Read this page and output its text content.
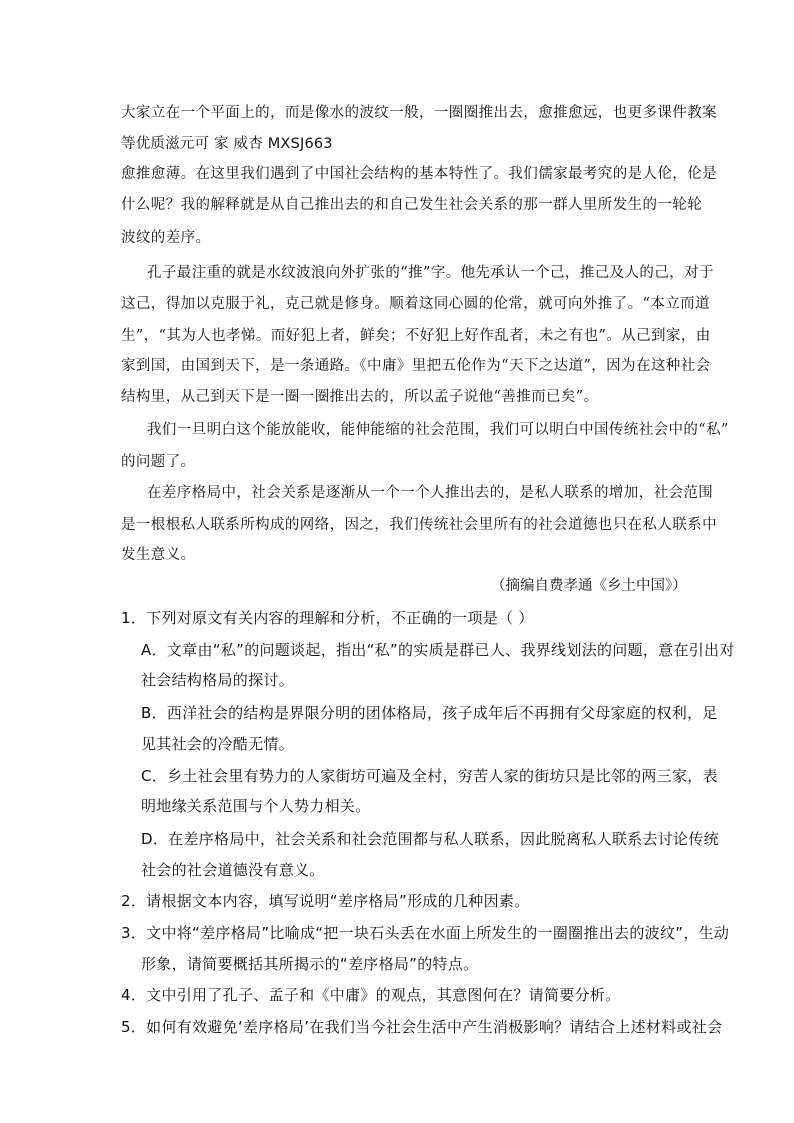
大家立在一个平面上的，而是像水的波纹一般，一圈圈推出去，愈推愈远，也更多课件教案
等优质滋元可 家 威杏 MXSJ663
愈推愈薄。在这里我们遇到了中国社会结构的基本特性了。我们儒家最考究的是人伦，伦是
什么呢？我的解释就是从自己推出去的和自己发生社会关系的那一群人里所发生的一轮轮
波纹的差序。
孔子最注重的就是水纹波浪向外扩张的“推”字。他先承认一个己，推己及人的己，对于
这己，得加以克服于礼，克己就是修身。顺着这同心圆的伦常，就可向外推了。“本立而道
生”，“其为人也孝悌。而好犯上者，鲜矣；不好犯上好作乱者，未之有也”。从己到家，由
家到国，由国到天下，是一条通路。《中庸》里把五伦作为“天下之达道”，因为在这种社会
结构里，从己到天下是一圈一圈推出去的，所以孟子说他“善推而已矣”。
我们一旦明白这个能放能收，能伸能缩的社会范围，我们可以明白中国传统社会中的“私”
的问题了。
在差序格局中，社会关系是逐渐从一个一个人推出去的，是私人联系的增加，社会范围
是一根根私人联系所构成的网络，因之，我们传统社会里所有的社会道德也只在私人联系中
发生意义。
（摘编自费孝通《乡土中国》）
1．下列对原文有关内容的理解和分析，不正确的一项是（ ）
A．文章由“私”的问题谈起，指出“私”的实质是群已人、我界线划法的问题，意在引出对
社会结构格局的探讨。
B．西洋社会的结构是界限分明的团体格局，孩子成年后不再拥有父母家庭的权利，足
见其社会的冷酷无情。
C．乡土社会里有势力的人家街坊可遍及全村，穷苦人家的街坊只是比邻的两三家，表
明地缘关系范围与个人势力相关。
D．在差序格局中，社会关系和社会范围都与私人联系，因此脱离私人联系去讨论传统
社会的社会道德没有意义。
2．请根据文本内容，填写说明“差序格局”形成的几种因素。
3．文中将“差序格局”比喻成“把一块石头丢在水面上所发生的一圈圈推出去的波纹”，生动
形象，请简要概括其所揭示的“差序格局”的特点。
4．文中引用了孔子、孟子和《中庸》的观点，其意图何在？请简要分析。
5．如何有效避免‘差序格局’在我们当今社会生活中产生消极影响？请结合上述材料或社会
